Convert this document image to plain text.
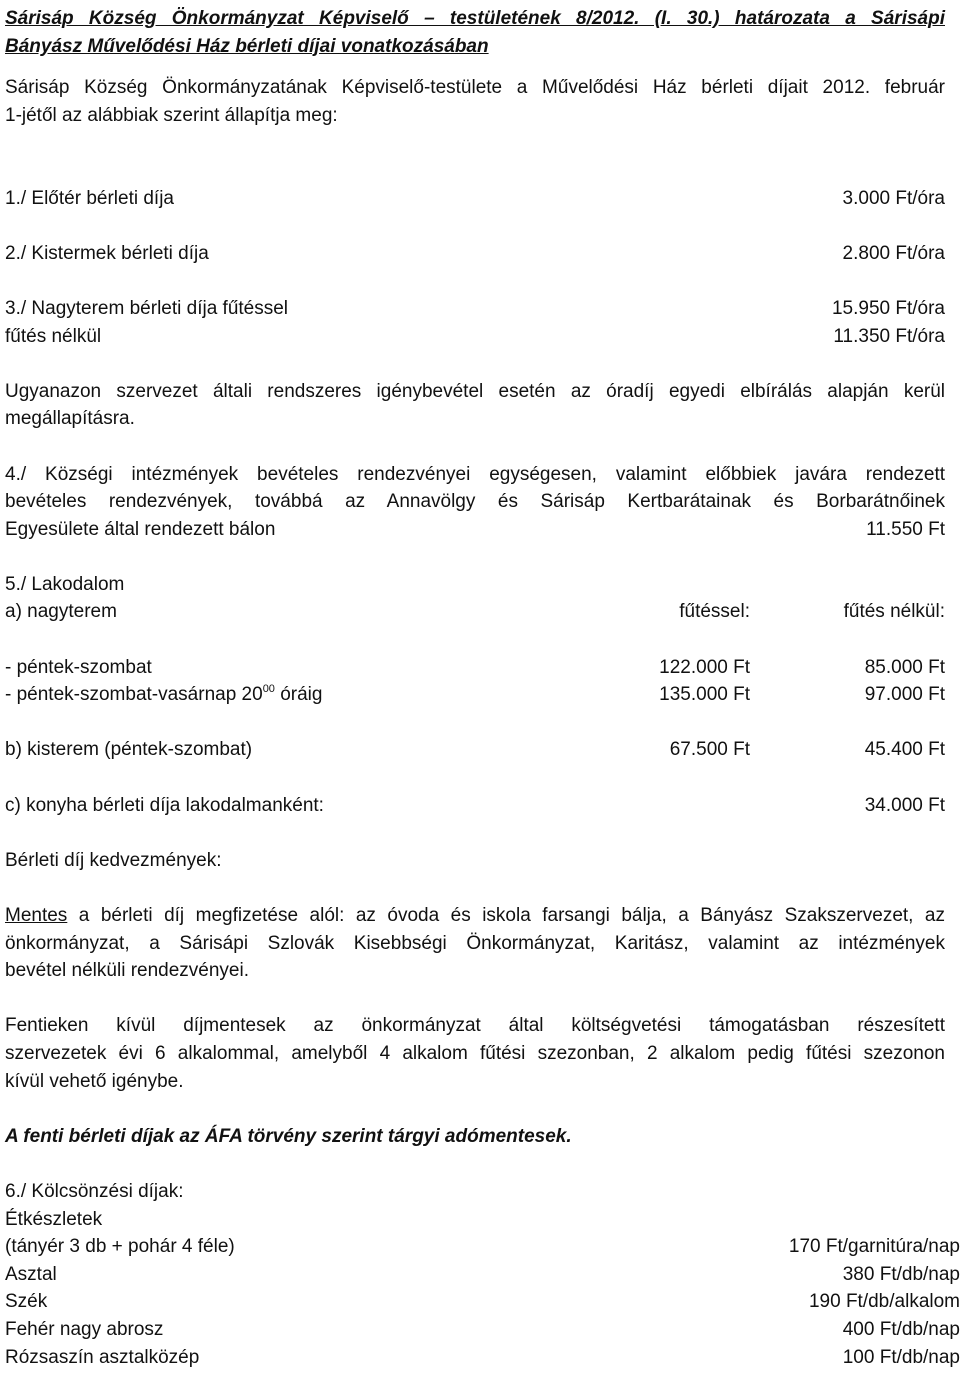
Sárisáp Község Önkormányzat Képviselő – testületének 8/2012. (I. 30.) határozata a Sárisápi
Bányász Művelődési Ház bérleti díjai vonatkozásában
Sárisáp Község Önkormányzatának Képviselő-testülete a Művelődési Ház bérleti díjait 2012. február
1-jétől az alábbiak szerint állapítja meg:
1./ Előtér bérleti díja	3.000 Ft/óra
2./ Kistermek bérleti díja	2.800 Ft/óra
3./ Nagyterem bérleti díja fűtéssel	15.950 Ft/óra
fűtés nélkül	11.350 Ft/óra
Ugyanazon szervezet általi rendszeres igénybevétel esetén az óradíj egyedi elbírálás alapján kerül
megállapításra.
4./ Községi intézmények bevételes rendezvényei egységesen, valamint előbbiek javára rendezett
bevételes rendezvények, továbbá az Annavölgy és Sárisáp Kertbarátainak és Borbarátnőinek
Egyesülete által rendezett bálon	11.550 Ft
5./ Lakodalom
a) nagyterem	fűtéssel:	fűtés nélkül:
- péntek-szombat	122.000 Ft	85.000 Ft
- péntek-szombat-vasárnap $20^{00}$ óráig	135.000 Ft	97.000 Ft
b) kisterem (péntek-szombat)	67.500 Ft	45.400 Ft
c) konyha bérleti díja lakodalmanként:	34.000 Ft
Bérleti díj kedvezmények:
Mentes a bérleti díj megfizetése alól: az óvoda és iskola farsangi bálja, a Bányász Szakszervezet, az
önkormányzat, a Sárisápi Szlovák Kisebbségi Önkormányzat, Karitász, valamint az intézmények
bevétel nélküli rendezvényei.
Fentieken kívül díjmentesek az önkormányzat által költségvetési támogatásban részesített
szervezetek évi 6 alkalommal, amelyből 4 alkalom fűtési szezonban, 2 alkalom pedig fűtési szezonon
kívül vehető igénybe.
A fenti bérleti díjak az ÁFA törvény szerint tárgyi adómentesek.
6./ Kölcsönzési díjak:
Étkészletek
(tányér 3 db + pohár 4 féle)	170 Ft/garnitúra/nap
Asztal	380 Ft/db/nap
Szék	190 Ft/db/alkalom
Fehér nagy abrosz	400 Ft/db/nap
Rózsaszín asztalközép	100 Ft/db/nap
